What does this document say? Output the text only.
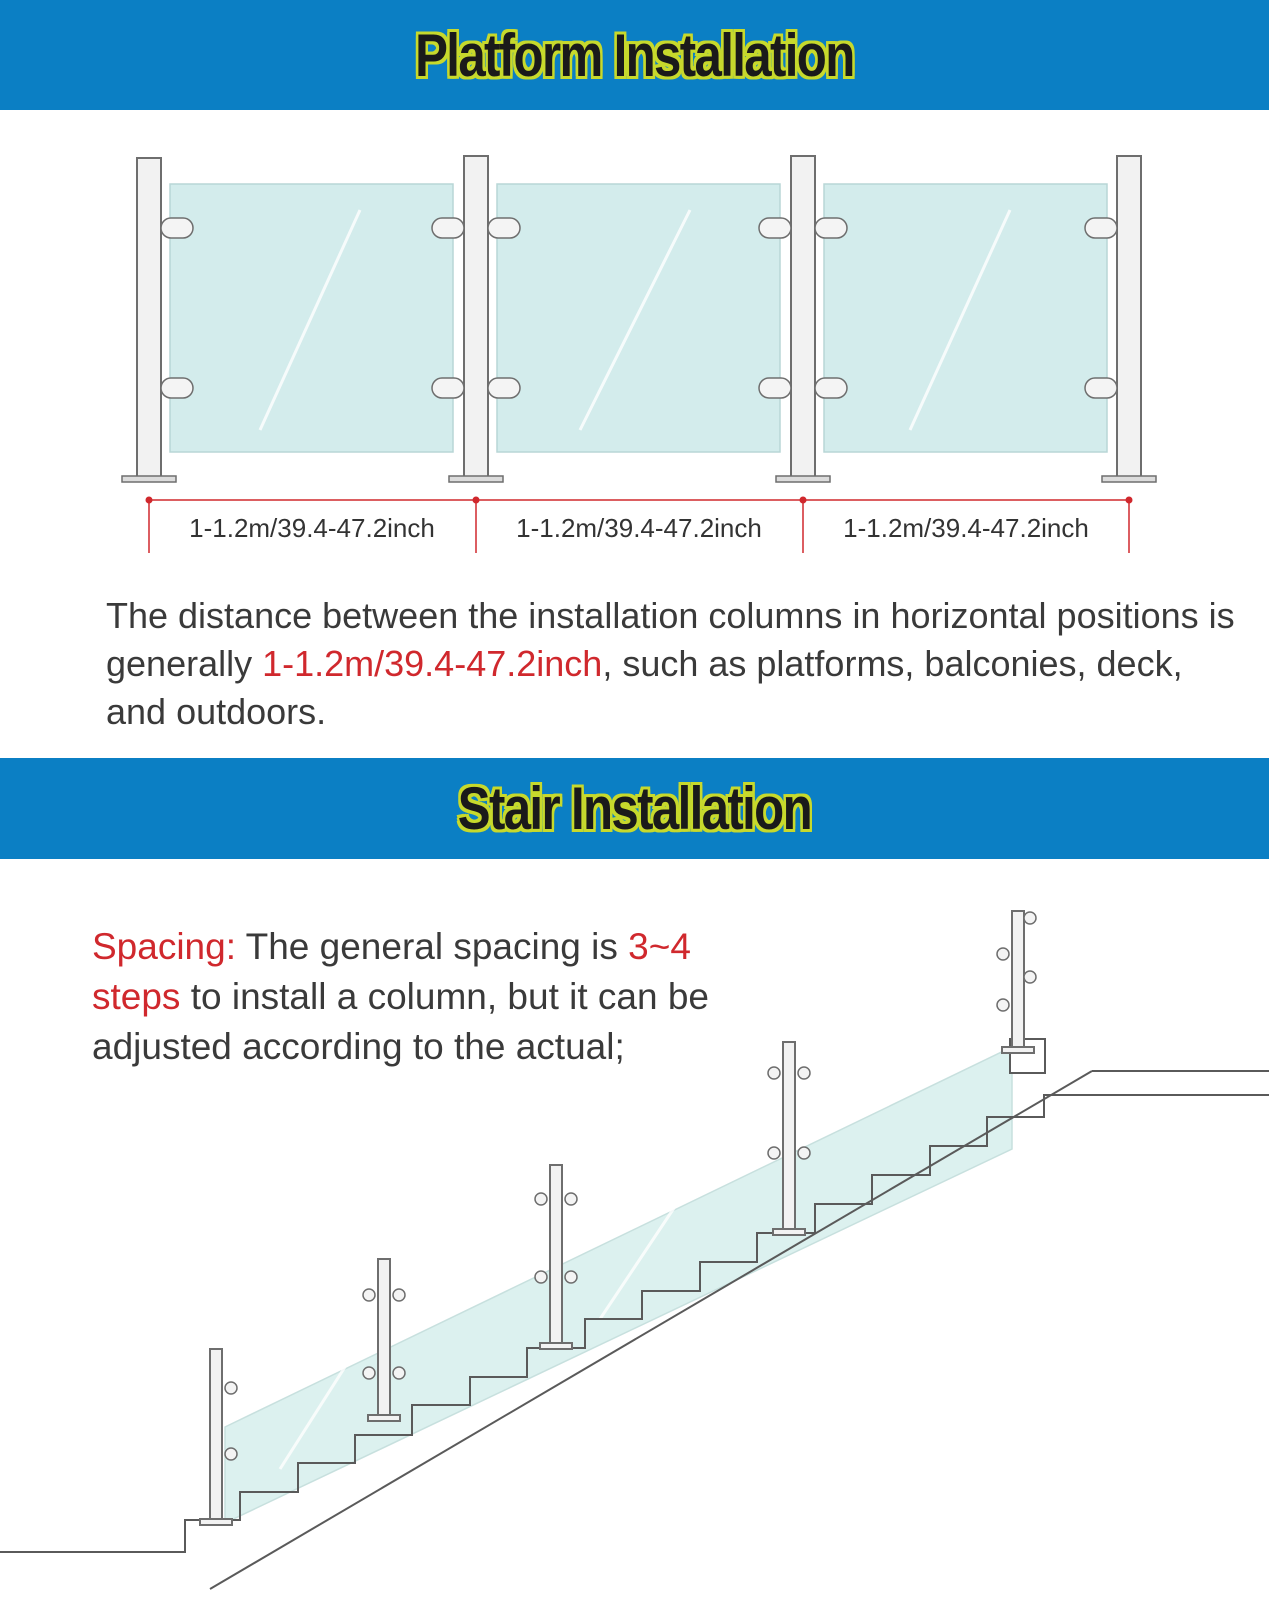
Platform Installation
1-1.2m/39.4-47.2inch	1-1.2m/39.4-47.2inch	1-1.2m/39.4-47.2inch
The distance between the installation columns in horizontal positions is generally 1-1.2m/39.4-47.2inch, such as platforms, balconies, deck, and outdoors.
Stair Installation
Spacing: The general spacing is 3~4 steps to install a column, but it can be adjusted according to the actual;
